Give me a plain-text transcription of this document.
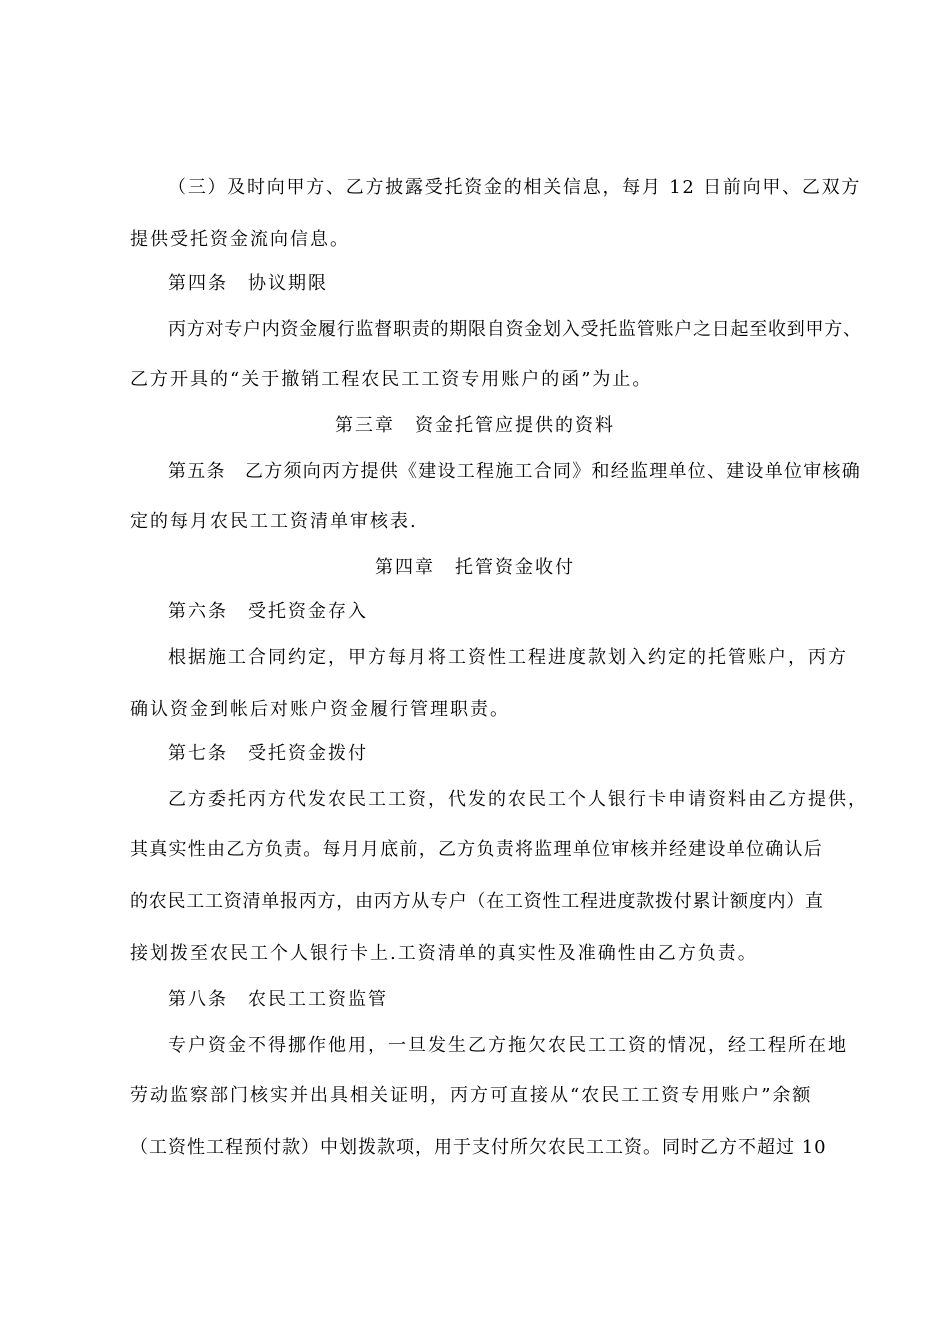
（三）及时向甲方、乙方披露受托资金的相关信息，每月 12 日前向甲、乙双方
提供受托资金流向信息。
第四条 协议期限
丙方对专户内资金履行监督职责的期限自资金划入受托监管账户之日起至收到甲方、
乙方开具的“关于撤销工程农民工工资专用账户的函”为止。
第三章 资金托管应提供的资料
第五条　乙方须向丙方提供《建设工程施工合同》和经监理单位、建设单位审核确
定的每月农民工工资清单审核表.
第四章 托管资金收付
第六条 受托资金存入
根据施工合同约定，甲方每月将工资性工程进度款划入约定的托管账户，丙方
确认资金到帐后对账户资金履行管理职责。
第七条 受托资金拨付
乙方委托丙方代发农民工工资，代发的农民工个人银行卡申请资料由乙方提供，
其真实性由乙方负责。每月月底前，乙方负责将监理单位审核并经建设单位确认后
的农民工工资清单报丙方，由丙方从专户（在工资性工程进度款拨付累计额度内）直
接划拨至农民工个人银行卡上.工资清单的真实性及准确性由乙方负责。
第八条 农民工工资监管
专户资金不得挪作他用，一旦发生乙方拖欠农民工工资的情况，经工程所在地
劳动监察部门核实并出具相关证明，丙方可直接从“农民工工资专用账户”余额
（工资性工程预付款）中划拨款项，用于支付所欠农民工工资。同时乙方不超过 10
